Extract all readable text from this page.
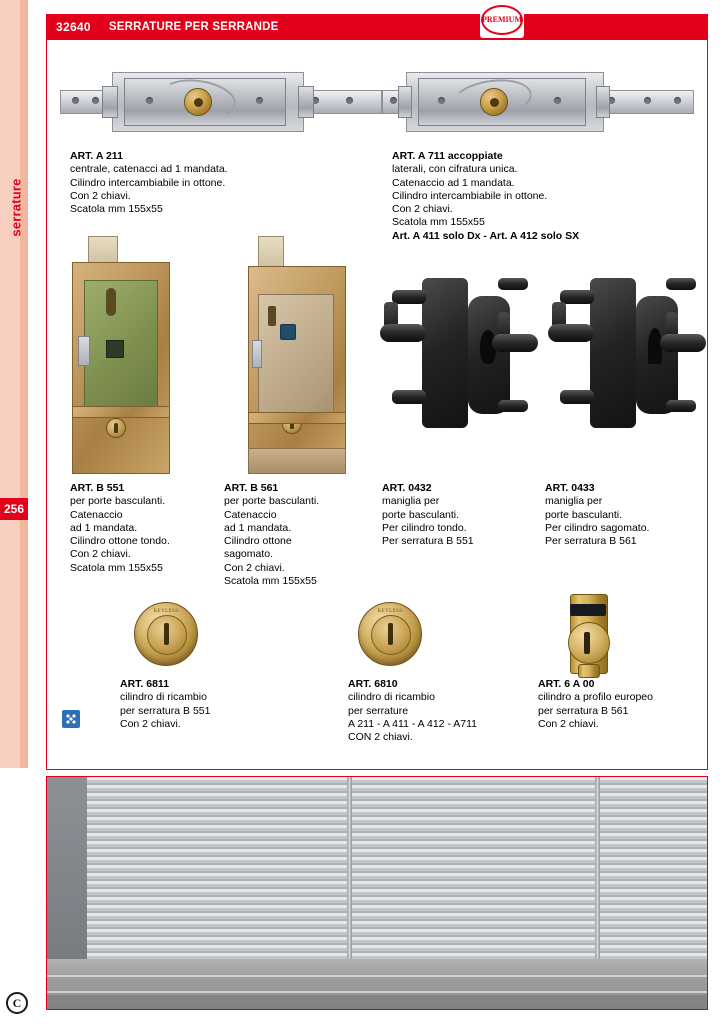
serrature
256
C
32640	SERRATURE PER SERRANDE
PREMIUM
ART. A 211
centrale, catenacci ad 1 mandata.
Cilindro intercambiabile in ottone.
Con 2 chiavi.
Scatola mm 155x55
ART. A 711 accoppiate
laterali, con cifratura unica.
Catenaccio ad 1 mandata.
Cilindro intercambiabile in ottone.
Con 2 chiavi.
Scatola mm 155x55
Art. A 411 solo Dx - Art. A 412 solo SX
ART. B 551
per porte basculanti.
Catenaccio
ad 1 mandata.
Cilindro ottone tondo.
Con 2 chiavi.
Scatola mm 155x55
ART. B 561
per porte basculanti.
Catenaccio
ad 1 mandata.
Cilindro ottone
sagomato.
Con 2 chiavi.
Scatola mm 155x55
ART. 0432
maniglia per
porte basculanti.
Per cilindro tondo.
Per serratura B 551
ART. 0433
maniglia per
porte basculanti.
Per cilindro sagomato.
Per serratura B 561
KEYLESS	KEYLESS
ART. 6811
cilindro di ricambio
per serratura B 551
Con 2 chiavi.
ART. 6810
cilindro di ricambio
per serrature
A 211 - A 411 - A 412 - A711
CON 2 chiavi.
ART. 6 A 00
cilindro a profilo europeo
per serratura B 561
Con 2 chiavi.
